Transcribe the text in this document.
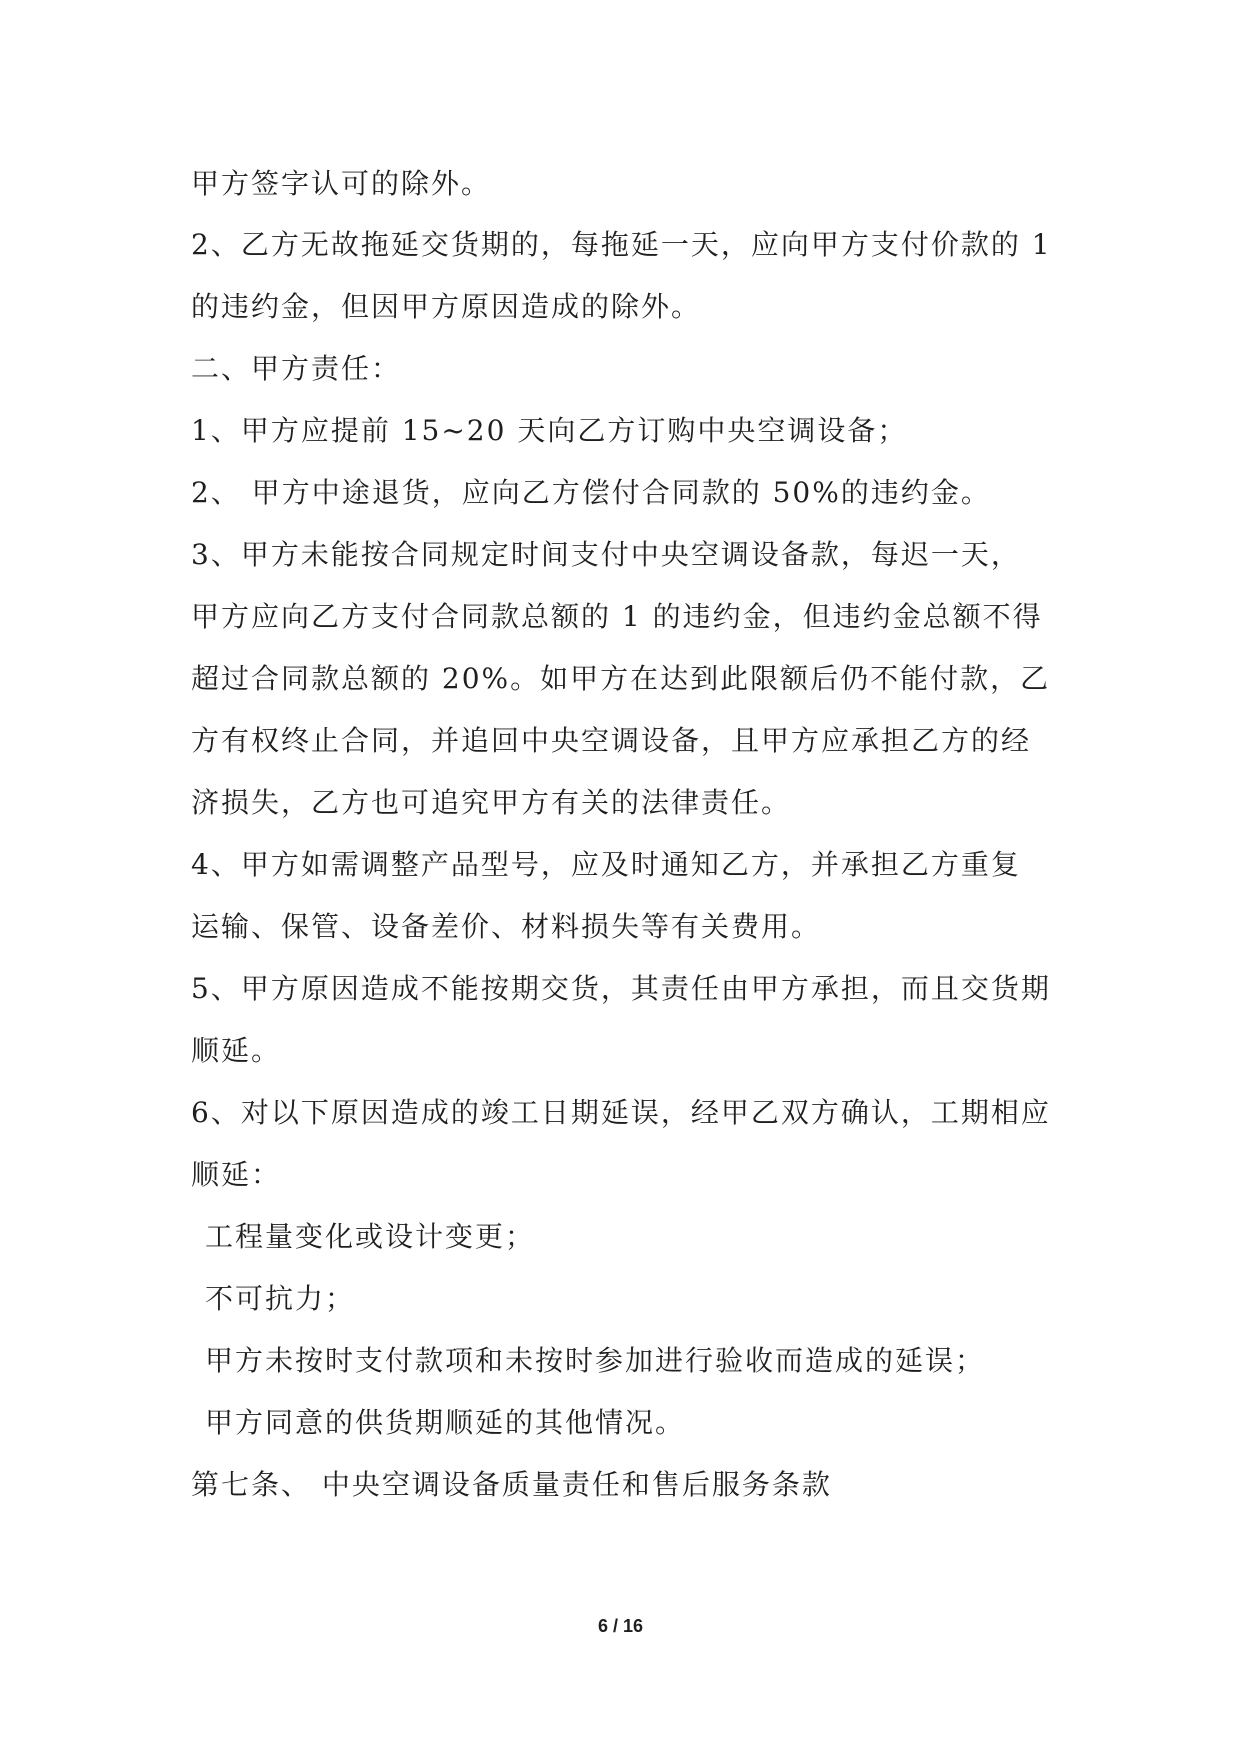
甲方签字认可的除外。
2、乙方无故拖延交货期的，每拖延一天，应向甲方支付价款的 1
的违约金，但因甲方原因造成的除外。
二、甲方责任：
1、甲方应提前 15~20 天向乙方订购中央空调设备；
2、 甲方中途退货，应向乙方偿付合同款的 50%的违约金。
3、甲方未能按合同规定时间支付中央空调设备款，每迟一天，
甲方应向乙方支付合同款总额的 1 的违约金，但违约金总额不得
超过合同款总额的 20%。如甲方在达到此限额后仍不能付款，乙
方有权终止合同，并追回中央空调设备，且甲方应承担乙方的经
济损失，乙方也可追究甲方有关的法律责任。
4、甲方如需调整产品型号，应及时通知乙方，并承担乙方重复
运输、保管、设备差价、材料损失等有关费用。
5、甲方原因造成不能按期交货，其责任由甲方承担，而且交货期
顺延。
6、对以下原因造成的竣工日期延误，经甲乙双方确认，工期相应
顺延：
工程量变化或设计变更；
不可抗力；
甲方未按时支付款项和未按时参加进行验收而造成的延误；
甲方同意的供货期顺延的其他情况。
第七条、 中央空调设备质量责任和售后服务条款
6 / 16
